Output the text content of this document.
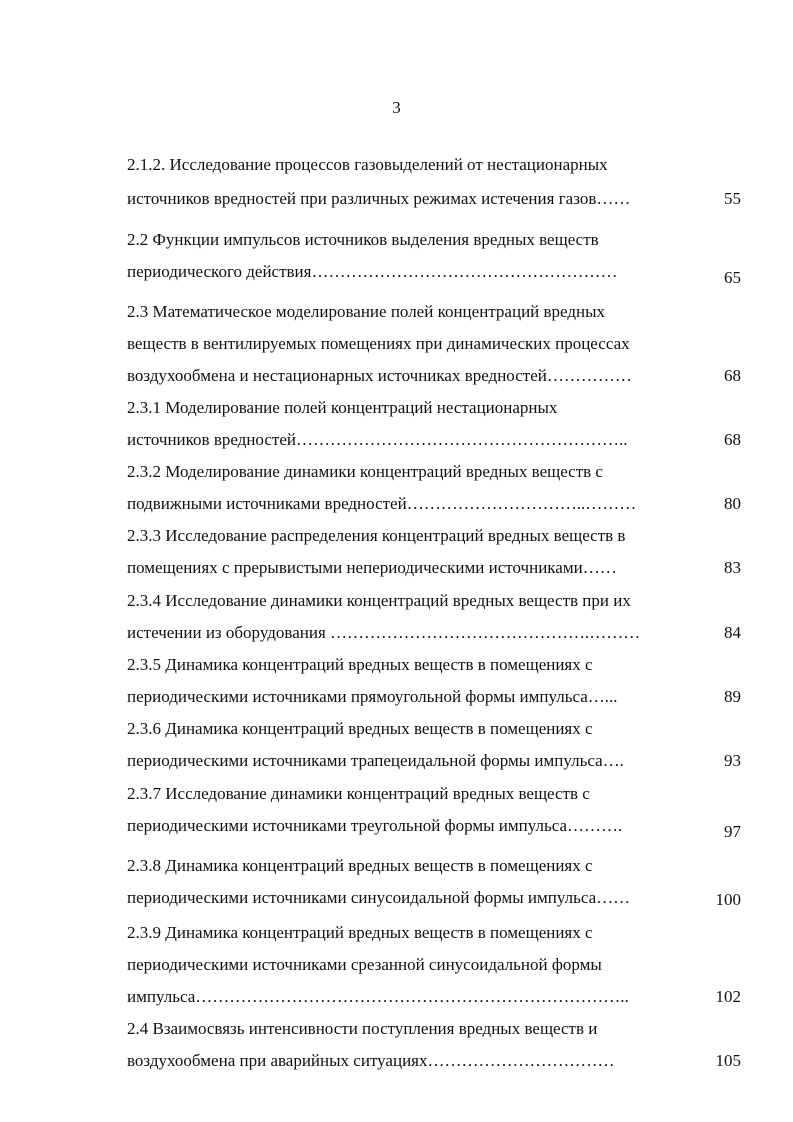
3
2.1.2. Исследование процессов газовыделений от нестационарных
источников вредностей при различных режимах истечения газов……	55
2.2 Функции импульсов источников выделения вредных веществ
периодического действия………………………………………………	65
2.3 Математическое моделирование полей концентраций вредных
веществ в вентилируемых помещениях при динамических процессах
воздухообмена и нестационарных источниках вредностей……………	68
2.3.1 Моделирование полей концентраций нестационарных
источников вредностей…………………………………………………..	68
2.3.2 Моделирование динамики концентраций вредных веществ с
подвижными источниками вредностей…………………………..………	80
2.3.3 Исследование распределения концентраций вредных веществ в
помещениях с прерывистыми непериодическими источниками……	83
2.3.4 Исследование динамики концентраций вредных веществ при их
истечении из оборудования ……………………………………….………	84
2.3.5 Динамика концентраций вредных веществ в помещениях с
периодическими источниками прямоугольной формы импульса…...	89
2.3.6 Динамика концентраций вредных веществ в помещениях с
периодическими источниками трапецеидальной формы импульса….	93
2.3.7 Исследование динамики концентраций вредных веществ с
периодическими источниками треугольной формы импульса……….	97
2.3.8 Динамика концентраций вредных веществ в помещениях с
периодическими источниками синусоидальной формы импульса……	100
2.3.9 Динамика концентраций вредных веществ в помещениях с
периодическими источниками срезанной синусоидальной формы
импульса…………………………………………………………………..	102
2.4 Взаимосвязь интенсивности поступления вредных веществ и
воздухообмена при аварийных ситуациях……………………………	105
